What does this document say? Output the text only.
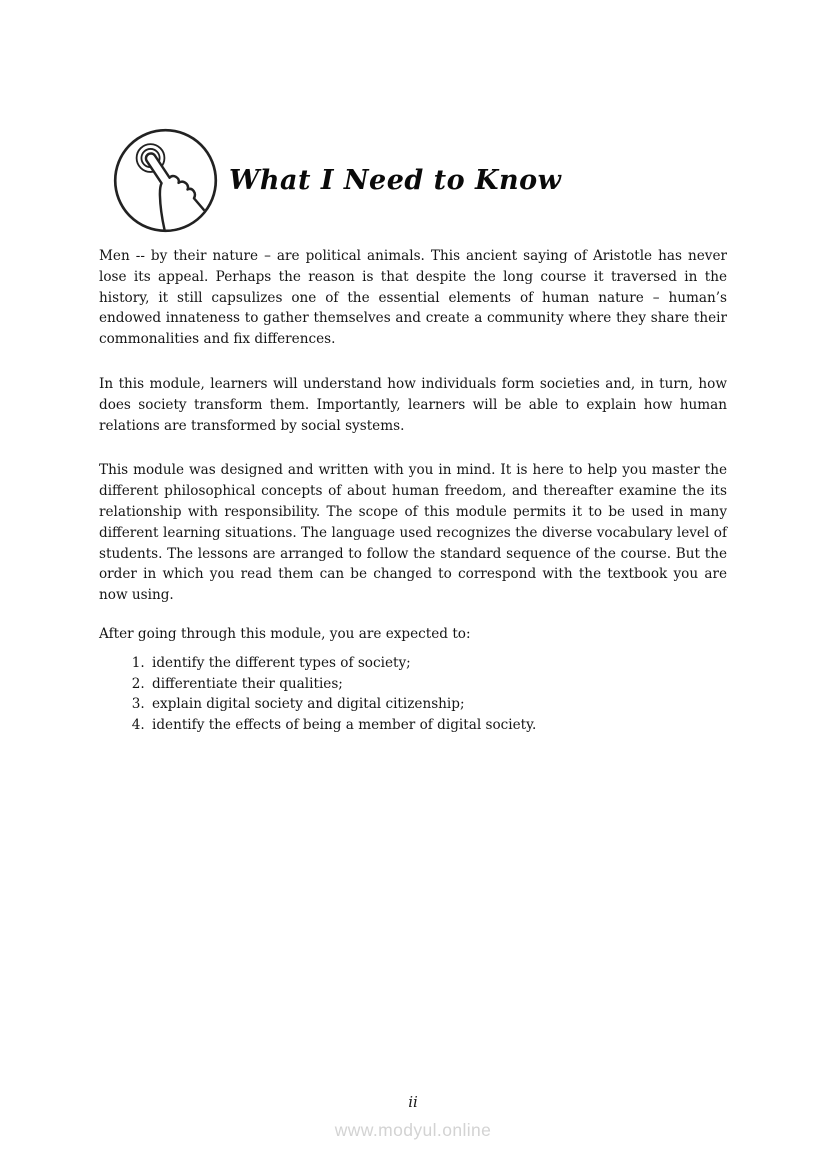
What I Need to Know

Men -- by their nature – are political animals. This ancient saying of Aristotle has never lose its appeal. Perhaps the reason is that despite the long course it traversed in the history, it still capsulizes one of the essential elements of human nature – human’s endowed innateness to gather themselves and create a community where they share their commonalities and fix differences.

In this module, learners will understand how individuals form societies and, in turn, how does society transform them. Importantly, learners will be able to explain how human relations are transformed by social systems.

This module was designed and written with you in mind. It is here to help you master the different philosophical concepts of about human freedom, and thereafter examine the its relationship with responsibility. The scope of this module permits it to be used in many different learning situations. The language used recognizes the diverse vocabulary level of students. The lessons are arranged to follow the standard sequence of the course. But the order in which you read them can be changed to correspond with the textbook you are now using.

After going through this module, you are expected to:

1. identify the different types of society;
2. differentiate their qualities;
3. explain digital society and digital citizenship;
4. identify the effects of being a member of digital society.
ii
www.modyul.online
